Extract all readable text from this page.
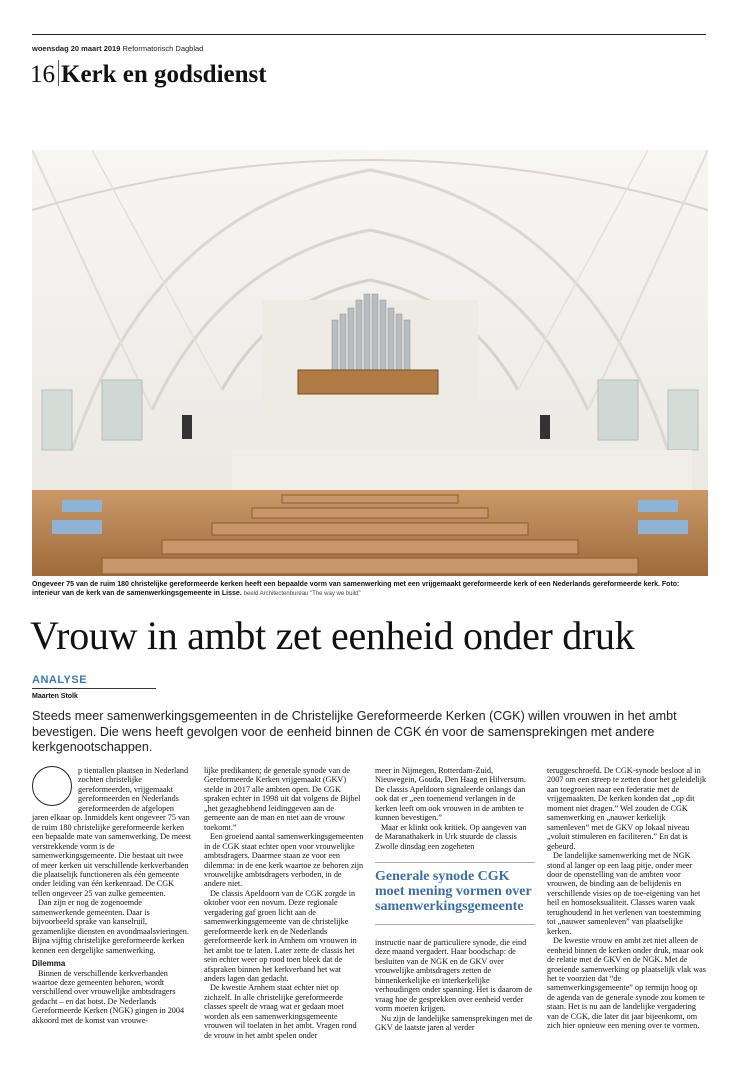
woensdag 20 maart 2019 Reformatorisch Dagblad
16 Kerk en godsdienst
Ongeveer 75 van de ruim 180 christelijke gereformeerde kerken heeft een bepaalde vorm van samenwerking met een vrijgemaakt gereformeerde kerk of een Nederlands gereformeerde kerk. Foto: interieur van de kerk van de samenwerkingsgemeente in Lisse. beeld Architectenbureau "The way we build"
Vrouw in ambt zet eenheid onder druk
ANALYSE
Maarten Stolk
Steeds meer samenwerkingsgemeenten in de Christelijke Gereformeerde Kerken (CGK) willen vrouwen in het ambt bevestigen. Die wens heeft gevolgen voor de eenheid binnen de CGK én voor de samensprekingen met andere kerkgenootschappen.

p tientallen plaatsen in Nederland zochten christelijke gereformeerden, vrijgemaakt gereformeerden en Nederlands gereformeerden de afgelopen jaren elkaar op. Inmiddels kent ongeveer 75 van de ruim 180 christelijke gereformeerde kerken een bepaalde mate van samenwerking. De meest verstrekkende vorm is de samenwerkingsgemeente. Die bestaat uit twee of meer kerken uit verschillende kerkverbanden die plaatselijk functioneren als één gemeente onder leiding van één kerkenraad. De CGK tellen ongeveer 25 van zulke gemeenten.

Dan zijn er nog de zogenoemde samenwerkende gemeenten. Daar is bijvoorbeeld sprake van kanselruil, gezamenlijke diensten en avondmaalsvieringen. Bijna vijftig christelijke gereformeerde kerken kennen een dergelijke samenwerking.

Dilemma

Binnen de verschillende kerkverbanden waartoe deze gemeenten behoren, wordt verschillend over vrouwelijke ambtsdragers gedacht – en dat botst. De Nederlands Gereformeerde Kerken (NGK) gingen in 2004 akkoord met de komst van vrouwe-

lijke predikanten; de generale synode van de Gereformeerde Kerken vrijgemaakt (GKV) stelde in 2017 alle ambten open. De CGK spraken echter in 1998 uit dat volgens de Bijbel „het gezaghebbend leidinggeven aan de gemeente aan de man en niet aan de vrouw toekomt.”

Een groeiend aantal samenwerkingsgemeenten in de CGK staat echter open voor vrouwelijke ambtsdragers. Daarmee staan ze voor een dilemma: in de ene kerk waartoe ze behoren zijn vrouwelijke ambtsdragers verboden, in de andere niet.

De classis Apeldoorn van de CGK zorgde in oktober voor een novum. Deze regionale vergadering gaf groen licht aan de samenwerkingsgemeente van de christelijke gereformeerde kerk en de Nederlands gereformeerde kerk in Arnhem om vrouwen in het ambt toe te laten. Later zette de classis het sein echter weer op rood toen bleek dat de afspraken binnen het kerkverband het wat anders lagen dan gedacht.

De kwestie Arnhem staat echter niet op zichzelf. In alle christelijke gereformeerde classes speelt de vraag wat er gedaan moet worden als een samenwerkingsgemeente vrouwen wil toelaten in het ambt. Vragen rond de vrouw in het ambt spelen onder

meer in Nijmegen, Rotterdam-Zuid, Nieuwegein, Gouda, Den Haag en Hilversum. De classis Apeldoorn signaleerde onlangs dan ook dat er „een toenemend verlangen in de kerken leeft om ook vrouwen in de ambten te kunnen bevestigen.”

Maar er klinkt ook kritiek. Op aangeven van de Maranathakerk in Urk stuurde de classis Zwolle dinsdag een zogeheten

Generale synode CGK moet mening vormen over samenwerkingsgemeente

instructie naar de particuliere synode, die eind deze maand vergadert. Haar boodschap: de besluiten van de NGK en de GKV over vrouwelijke ambtsdragers zetten de binnenkerkelijke en interkerkelijke verhoudingen onder spanning. Het is daarom de vraag hoe de gesprekken over eenheid verder vorm moeten krijgen.

Nu zijn de landelijke samensprekingen met de GKV de laatste jaren al verder

teruggeschroefd. De CGK-synode besloot al in 2007 om een streep te zetten door het geleidelijk aan toegroeien naar een federatie met de vrijgemaakten. De kerken konden dat „op dit moment niet dragen.” Wel zouden de CGK samenwerking en „nauwer kerkelijk samenleven” met de GKV op lokaal niveau „voluit stimuleren en faciliteren.” En dat is gebeurd.

De landelijke samenwerking met de NGK stond al langer op een laag pitje, onder meer door de openstelling van de ambten voor vrouwen, de binding aan de belijdenis en verschillende visies op de toe-eigening van het heil en homoseksualiteit. Classes waren vaak terughoudend in het verlenen van toestemming tot „nauwer samenleven” van plaatselijke kerken.

De kwestie vrouw en ambt zet niet alleen de eenheid binnen de kerken onder druk, maar ook de relatie met de GKV en de NGK. Met de groeiende samenwerking op plaatselijk vlak was het te voorzien dat “de samenwerkingsgemeente” op termijn hoog op de agenda van de generale synode zou komen te staan. Het is nu aan de landelijke vergadering van de CGK, die later dit jaar bijeenkomt, om zich hier opnieuw een mening over te vormen.
